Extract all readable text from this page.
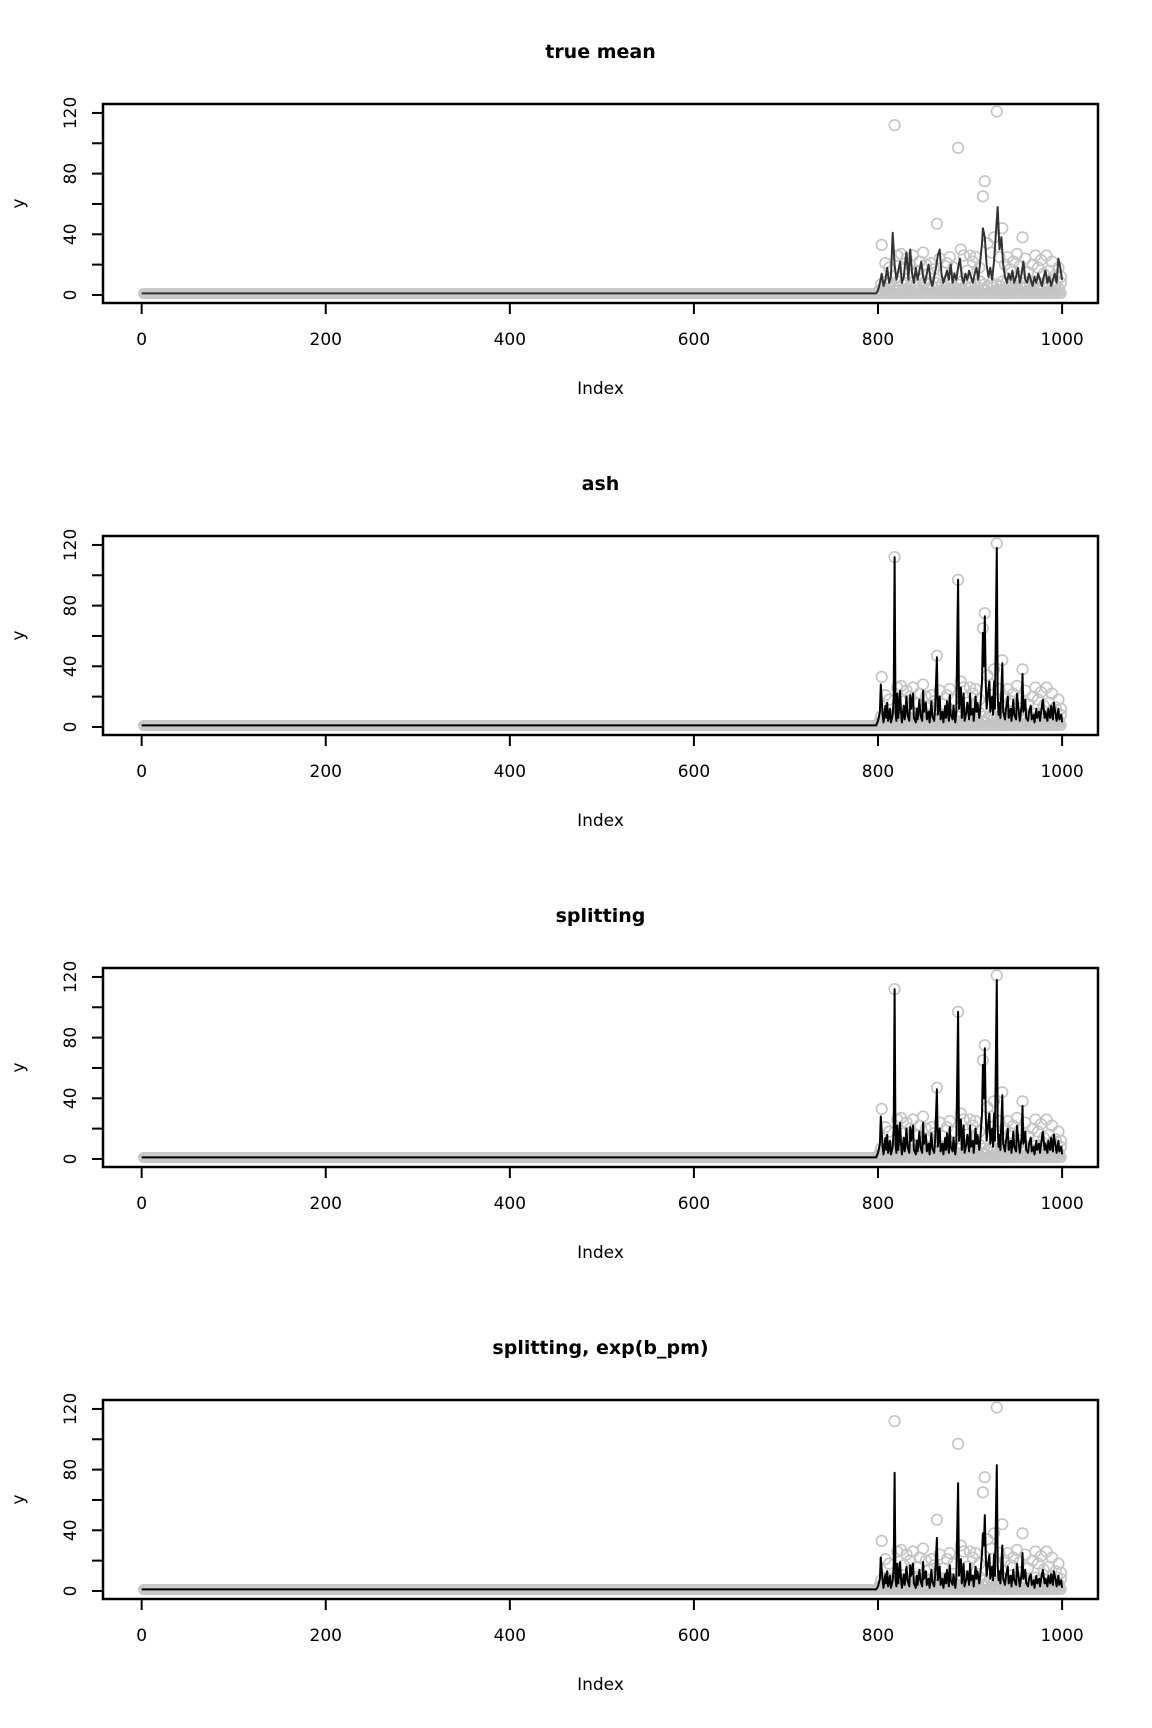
0	200	400	600	800	1000
0
40
80
120
true mean
Index
y
0	200	400	600	800	1000
0
40
80
120
ash
Index
y
0	200	400	600	800	1000
0
40
80
120
splitting
Index
y
0	200	400	600	800	1000
0
40
80
120
splitting, exp(b_pm)
Index
y
